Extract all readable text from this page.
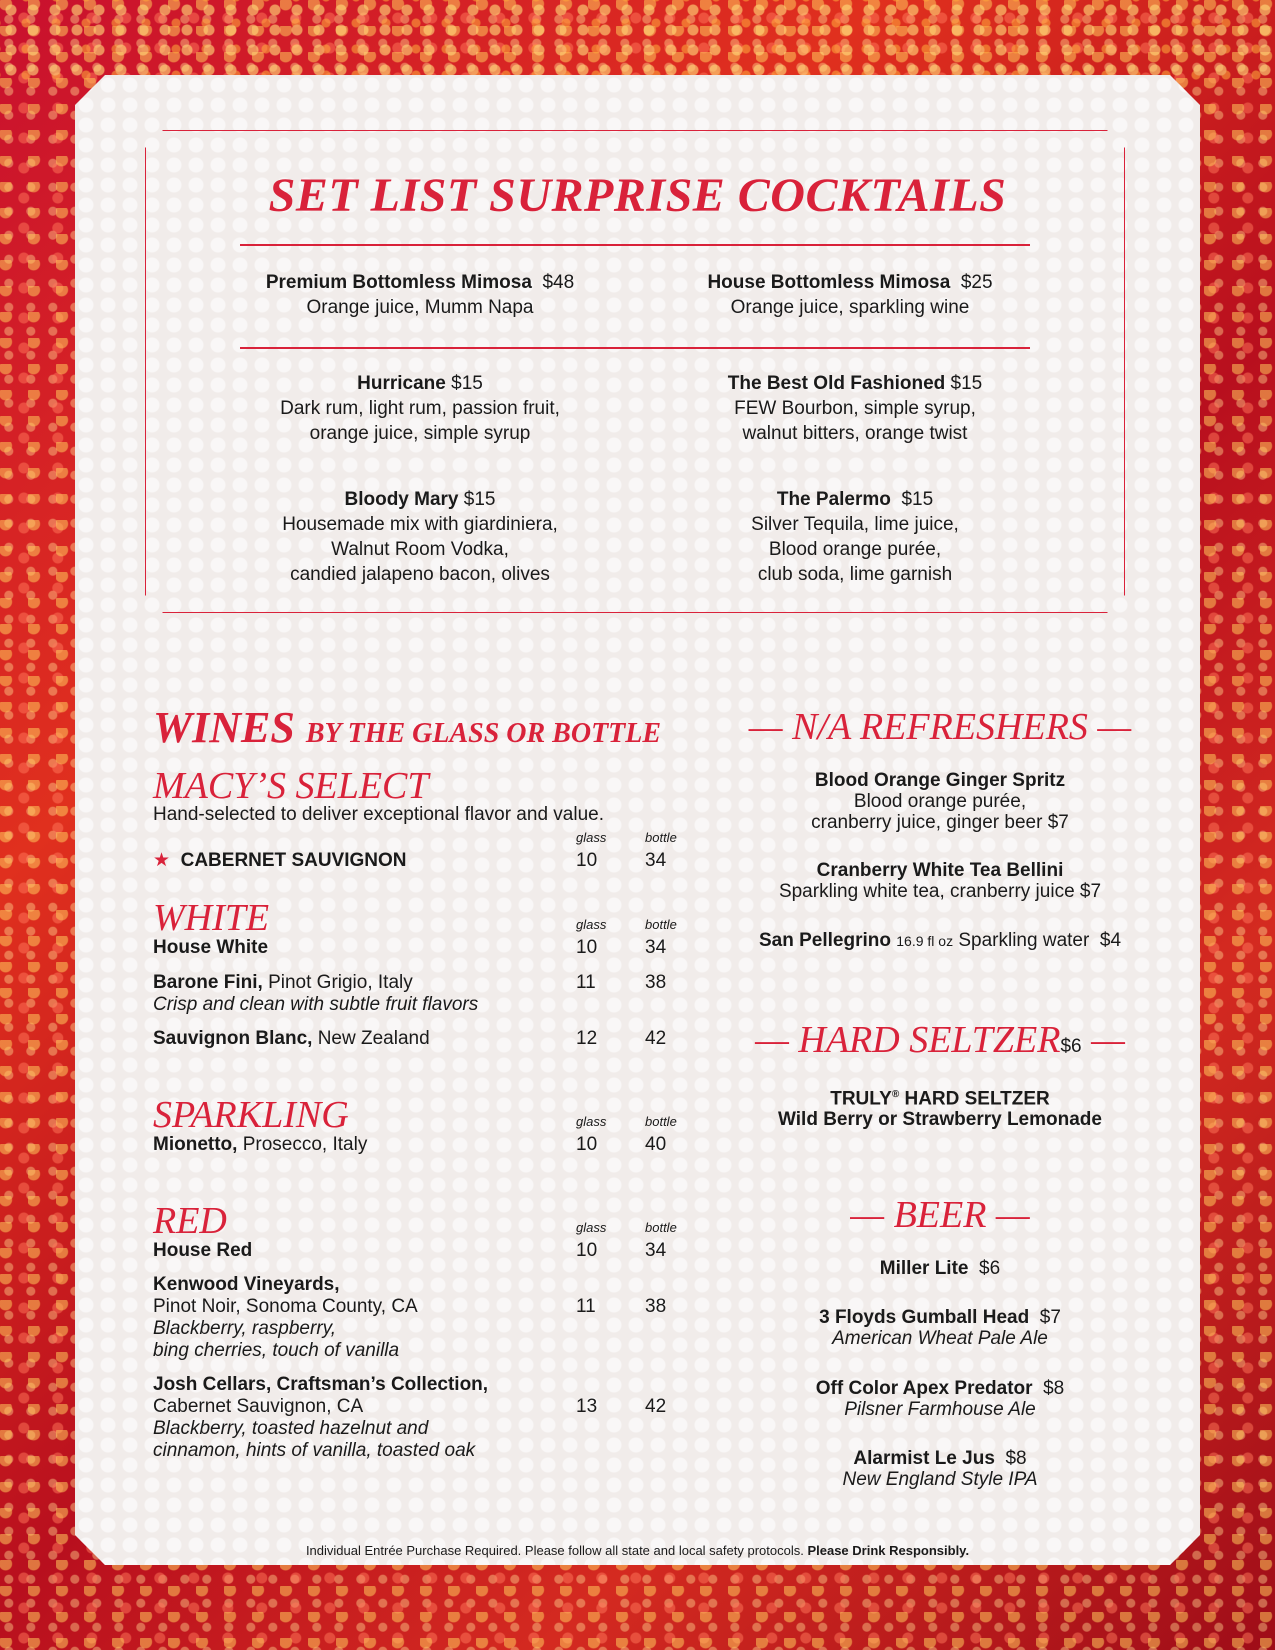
SET LIST SURPRISE COCKTAILS
Premium Bottomless Mimosa $48
Orange juice, Mumm Napa
House Bottomless Mimosa $25
Orange juice, sparkling wine
Hurricane $15
Dark rum, light rum, passion fruit,
orange juice, simple syrup
The Best Old Fashioned $15
FEW Bourbon, simple syrup,
walnut bitters, orange twist
Bloody Mary $15
Housemade mix with giardiniera,
Walnut Room Vodka,
candied jalapeno bacon, olives
The Palermo $15
Silver Tequila, lime juice,
Blood orange purée,
club soda, lime garnish
WINES BY THE GLASS OR BOTTLE
MACY’S SELECT
Hand-selected to deliver exceptional flavor and value.
glass	bottle
★ CABERNET SAUVIGNON	10	34
WHITE	glass	bottle
House White	10	34
Barone Fini, Pinot Grigio, Italy
Crisp and clean with subtle fruit flavors
11	38
Sauvignon Blanc, New Zealand	12	42
SPARKLING	glass	bottle
Mionetto, Prosecco, Italy	10	40
RED	glass	bottle
House Red	10	34
Kenwood Vineyards,
Pinot Noir, Sonoma County, CA
Blackberry, raspberry,
bing cherries, touch of vanilla
11	38
Josh Cellars, Craftsman’s Collection,
Cabernet Sauvignon, CA
Blackberry, toasted hazelnut and
cinnamon, hints of vanilla, toasted oak
13	42
— N/A REFRESHERS —
Blood Orange Ginger Spritz
Blood orange purée,
cranberry juice, ginger beer $7
Cranberry White Tea Bellini
Sparkling white tea, cranberry juice $7
San Pellegrino 16.9 fl oz Sparkling water $4
— HARD SELTZER$6 —
TRULY® HARD SELTZER
Wild Berry or Strawberry Lemonade
— BEER —
Miller Lite $6
3 Floyds Gumball Head $7
American Wheat Pale Ale
Off Color Apex Predator $8
Pilsner Farmhouse Ale
Alarmist Le Jus $8
New England Style IPA
Individual Entrée Purchase Required. Please follow all state and local safety protocols. Please Drink Responsibly.
